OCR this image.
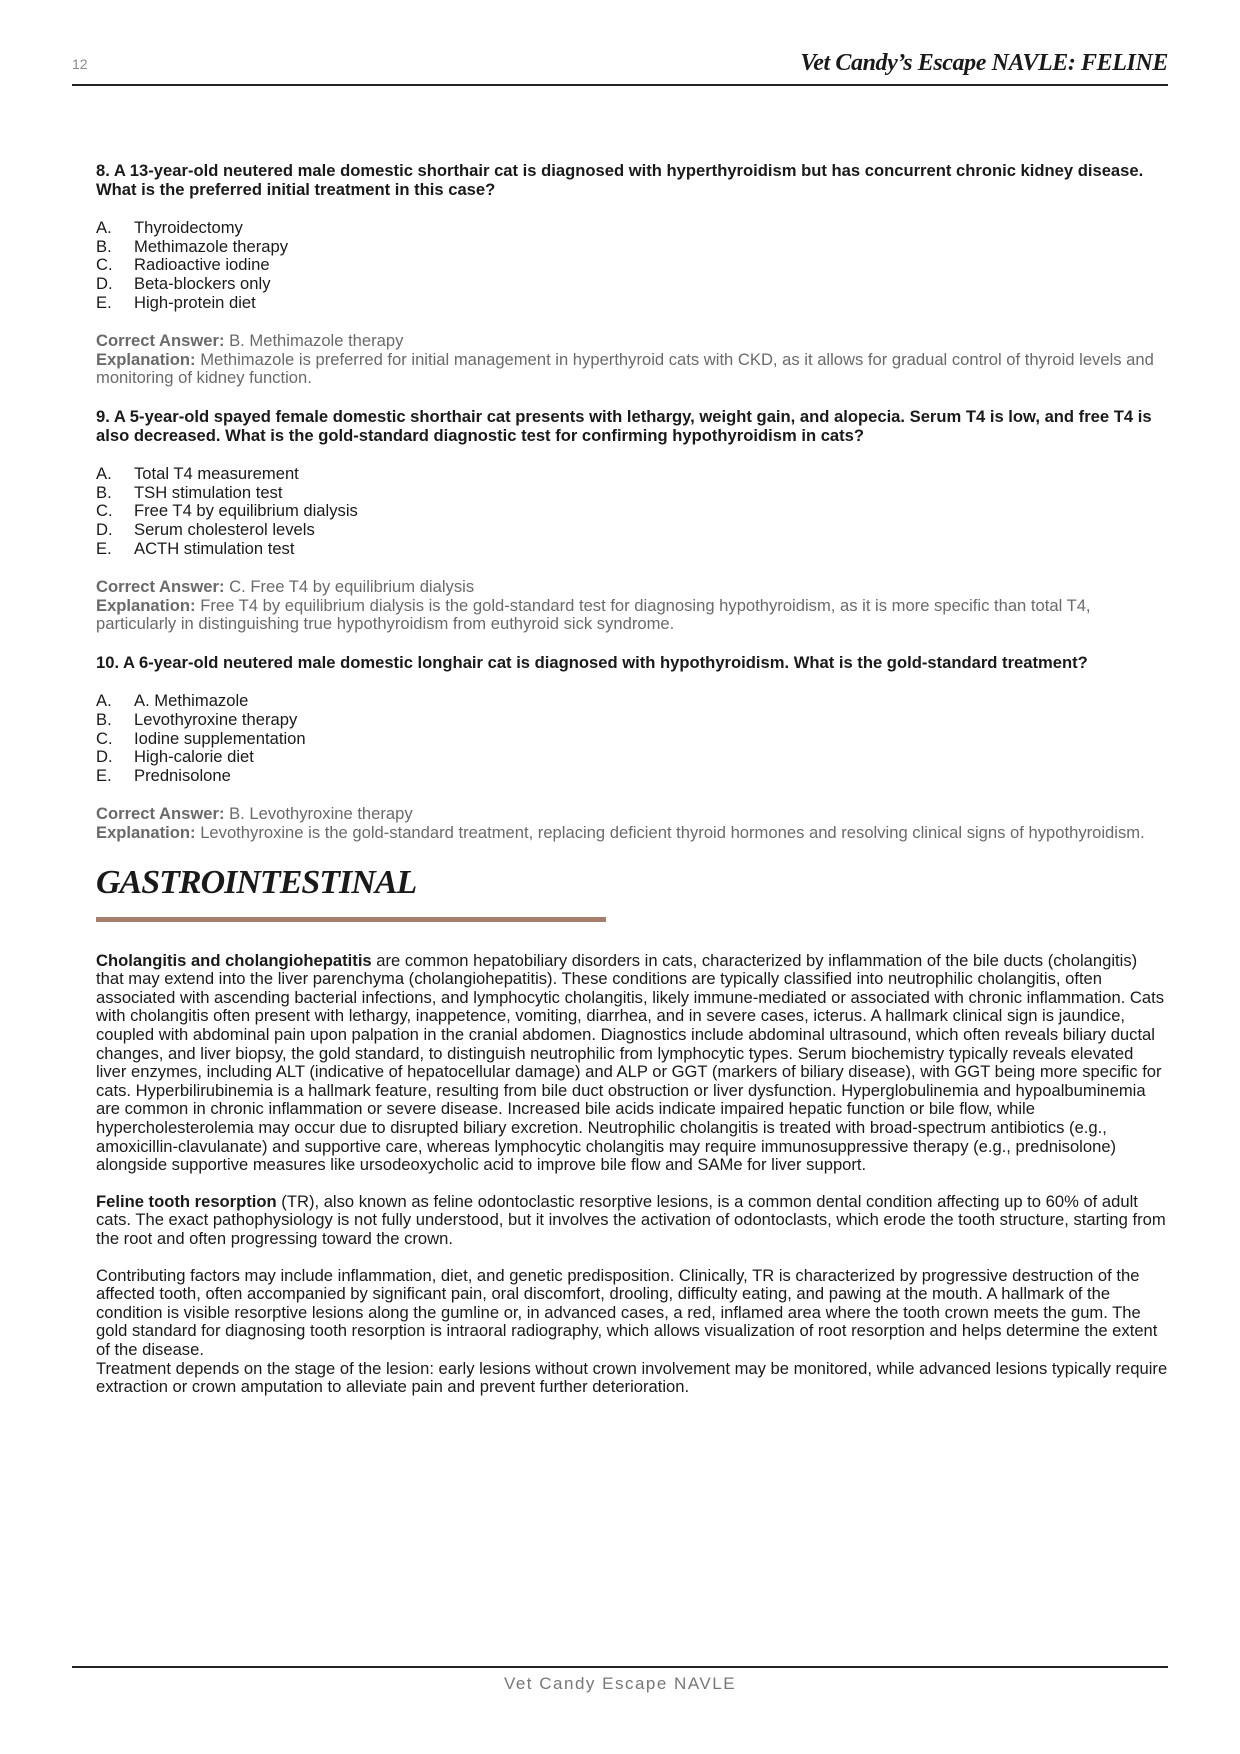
12	Vet Candy’s Escape NAVLE: FELINE

8. A 13-year-old neutered male domestic shorthair cat is diagnosed with hyperthyroidism but has concurrent chronic kidney disease. What is the preferred initial treatment in this case?

A.	Thyroidectomy
B.	Methimazole therapy
C.	Radioactive iodine
D.	Beta-blockers only
E.	High-protein diet
Correct Answer: B. Methimazole therapy
Explanation: Methimazole is preferred for initial management in hyperthyroid cats with CKD, as it allows for gradual control of thyroid levels and monitoring of kidney function.

9. A 5-year-old spayed female domestic shorthair cat presents with lethargy, weight gain, and alopecia. Serum T4 is low, and free T4 is also decreased. What is the gold-standard diagnostic test for confirming hypothyroidism in cats?

A.	Total T4 measurement
B.	TSH stimulation test
C.	Free T4 by equilibrium dialysis
D.	Serum cholesterol levels
E.	ACTH stimulation test
Correct Answer: C. Free T4 by equilibrium dialysis
Explanation: Free T4 by equilibrium dialysis is the gold-standard test for diagnosing hypothyroidism, as it is more specific than total T4, particularly in distinguishing true hypothyroidism from euthyroid sick syndrome.

10. A 6-year-old neutered male domestic longhair cat is diagnosed with hypothyroidism. What is the gold-standard treatment?

A.	A. Methimazole
B.	Levothyroxine therapy
C.	Iodine supplementation
D.	High-calorie diet
E.	Prednisolone
Correct Answer: B. Levothyroxine therapy
Explanation: Levothyroxine is the gold-standard treatment, replacing deficient thyroid hormones and resolving clinical signs of hypothyroidism.
GASTROINTESTINAL

Cholangitis and cholangiohepatitis are common hepatobiliary disorders in cats, characterized by inflammation of the bile ducts (cholangitis) that may extend into the liver parenchyma (cholangiohepatitis). These conditions are typically classified into neutrophilic cholangitis, often associated with ascending bacterial infections, and lymphocytic cholangitis, likely immune-mediated or associated with chronic inflammation. Cats with cholangitis often present with lethargy, inappetence, vomiting, diarrhea, and in severe cases, icterus. A hallmark clinical sign is jaundice, coupled with abdominal pain upon palpation in the cranial abdomen. Diagnostics include abdominal ultrasound, which often reveals biliary ductal changes, and liver biopsy, the gold standard, to distinguish neutrophilic from lymphocytic types. Serum biochemistry typically reveals elevated liver enzymes, including ALT (indicative of hepatocellular damage) and ALP or GGT (markers of biliary disease), with GGT being more specific for cats. Hyperbilirubinemia is a hallmark feature, resulting from bile duct obstruction or liver dysfunction. Hyperglobulinemia and hypoalbuminemia are common in chronic inflammation or severe disease. Increased bile acids indicate impaired hepatic function or bile flow, while hypercholesterolemia may occur due to disrupted biliary excretion. Neutrophilic cholangitis is treated with broad-spectrum antibiotics (e.g., amoxicillin-clavulanate) and supportive care, whereas lymphocytic cholangitis may require immunosuppressive therapy (e.g., prednisolone) alongside supportive measures like ursodeoxycholic acid to improve bile flow and SAMe for liver support.

Feline tooth resorption (TR), also known as feline odontoclastic resorptive lesions, is a common dental condition affecting up to 60% of adult cats. The exact pathophysiology is not fully understood, but it involves the activation of odontoclasts, which erode the tooth structure, starting from the root and often progressing toward the crown.

Contributing factors may include inflammation, diet, and genetic predisposition. Clinically, TR is characterized by progressive destruction of the affected tooth, often accompanied by significant pain, oral discomfort, drooling, difficulty eating, and pawing at the mouth. A hallmark of the condition is visible resorptive lesions along the gumline or, in advanced cases, a red, inflamed area where the tooth crown meets the gum. The gold standard for diagnosing tooth resorption is intraoral radiography, which allows visualization of root resorption and helps determine the extent of the disease.

Treatment depends on the stage of the lesion: early lesions without crown involvement may be monitored, while advanced lesions typically require extraction or crown amputation to alleviate pain and prevent further deterioration.

Vet Candy Escape NAVLE
